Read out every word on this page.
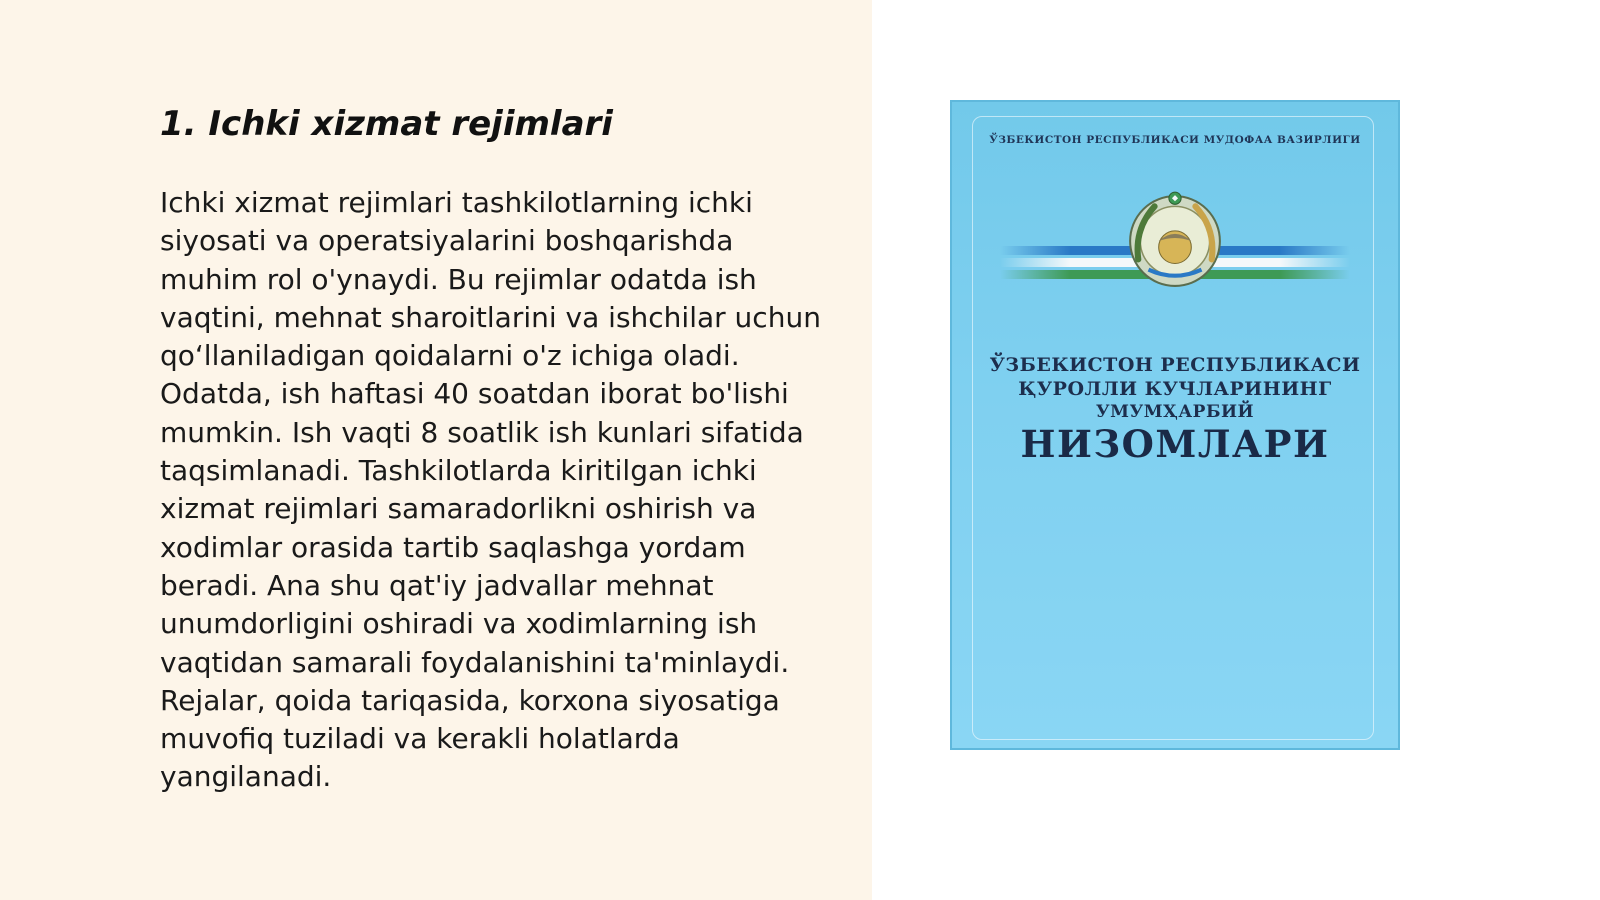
1. Ichki xizmat rejimlari
Ichki xizmat rejimlari tashkilotlarning ichki siyosati va operatsiyalarini boshqarishda muhim rol o'ynaydi. Bu rejimlar odatda ish vaqtini, mehnat sharoitlarini va ishchilar uchun qo‘llaniladigan qoidalarni o'z ichiga oladi. Odatda, ish haftasi 40 soatdan iborat bo'lishi mumkin. Ish vaqti 8 soatlik ish kunlari sifatida taqsimlanadi. Tashkilotlarda kiritilgan ichki xizmat rejimlari samaradorlikni oshirish va xodimlar orasida tartib saqlashga yordam beradi. Ana shu qat'iy jadvallar mehnat unumdorligini oshiradi va xodimlarning ish vaqtidan samarali foydalanishini ta'minlaydi. Rejalar, qoida tariqasida, korxona siyosatiga muvofiq tuziladi va kerakli holatlarda yangilanadi.
ЎЗБЕКИСТОН РЕСПУБЛИКАСИ МУДОФАА ВАЗИРЛИГИ
ЎЗБЕКИСТОН РЕСПУБЛИКАСИ
ҚУРОЛЛИ КУЧЛАРИНИНГ
УМУМҲАРБИЙ
НИЗОМЛАРИ
